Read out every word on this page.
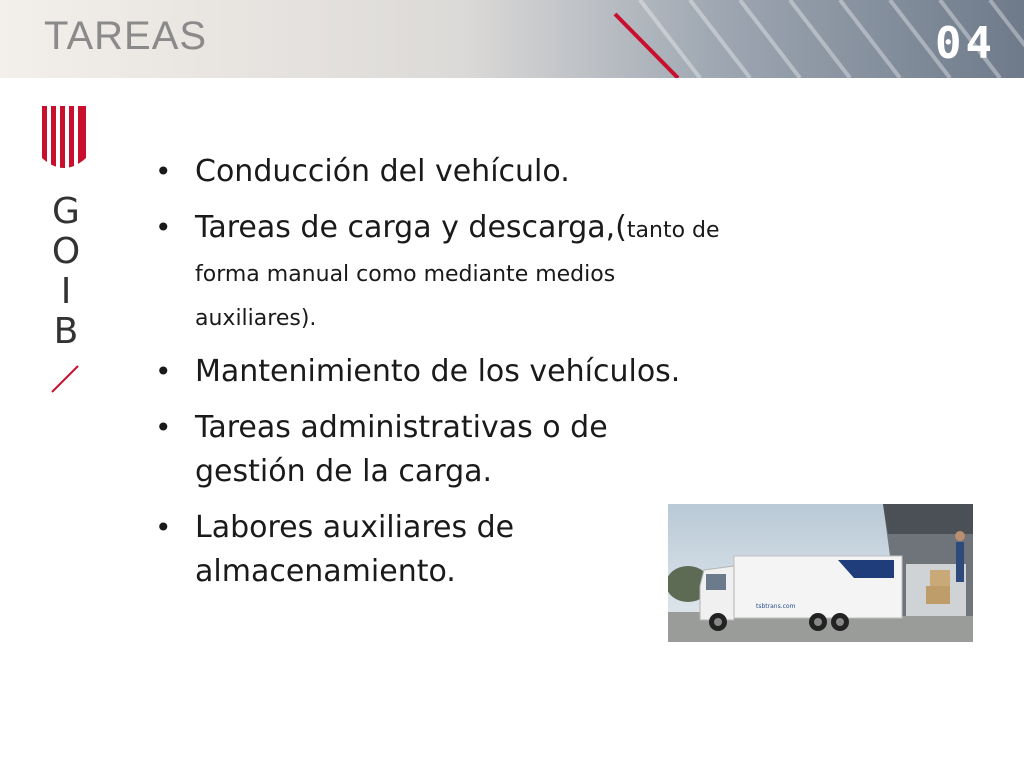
TAREAS	04
G
O
I
B
• Conducción del vehículo.
• Tareas de carga y descarga,(tanto de forma manual como mediante medios auxiliares).
• Mantenimiento de los vehículos.
• Tareas administrativas o de gestión de la carga.
• Labores auxiliares de almacenamiento.
tsbtrans.com
